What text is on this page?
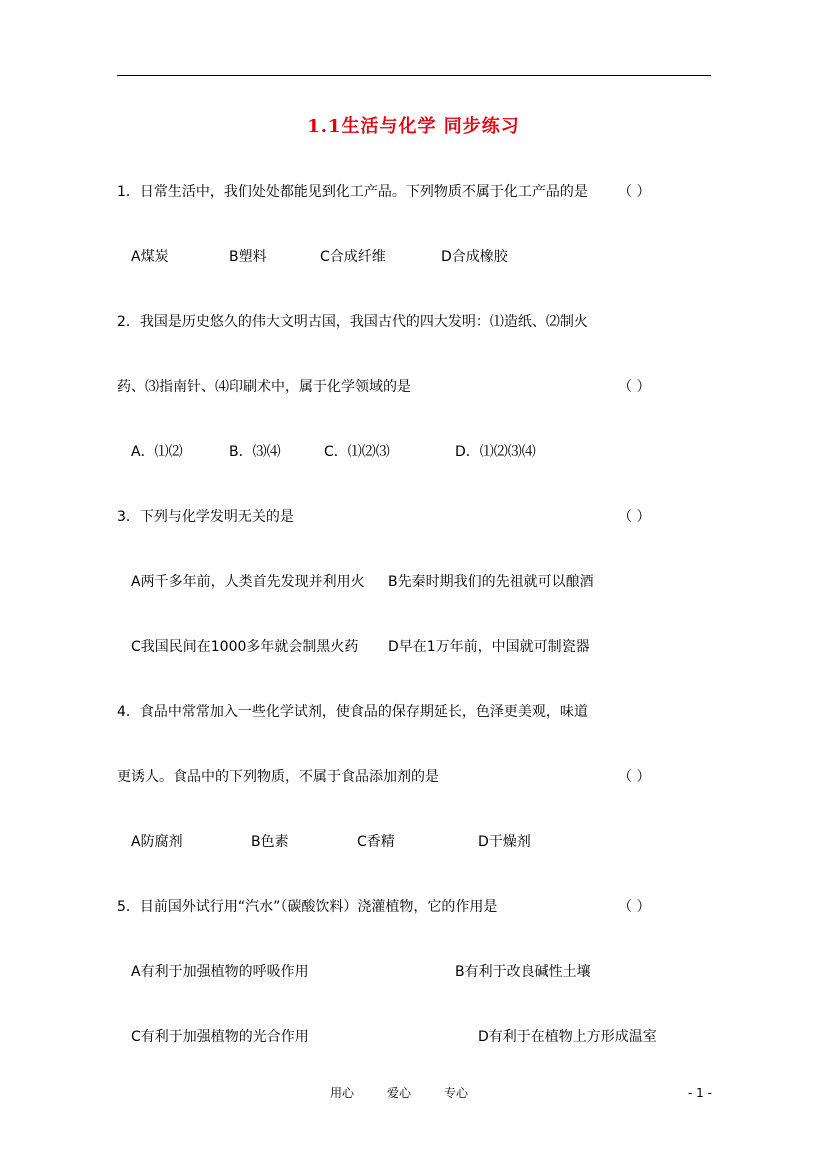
1.1生活与化学 同步练习
1．日常生活中，我们处处都能见到化工产品。下列物质不属于化工产品的是 （ ）
A煤炭	B塑料	C合成纤维	D合成橡胶
2．我国是历史悠久的伟大文明古国，我国古代的四大发明：⑴造纸、⑵制火
药、⑶指南针、⑷印刷术中，属于化学领域的是	（ ）
A．⑴⑵	B．⑶⑷	C．⑴⑵⑶	D．⑴⑵⑶⑷
3．下列与化学发明无关的是	（ ）
A两千多年前，人类首先发现并利用火 B先秦时期我们的先祖就可以酿酒
C我国民间在1000多年就会制黑火药 D早在1万年前，中国就可制瓷器
4．食品中常常加入一些化学试剂，使食品的保存期延长，色泽更美观，味道
更诱人。食品中的下列物质，不属于食品添加剂的是	（ ）
A防腐剂	B色素	C香精	D干燥剂
5．目前国外试行用“汽水”（碳酸饮料）浇灌植物，它的作用是	（ ）
A有利于加强植物的呼吸作用	B有利于改良碱性土壤
C有利于加强植物的光合作用	D有利于在植物上方形成温室
用心	爱心	专心	- 1 -
